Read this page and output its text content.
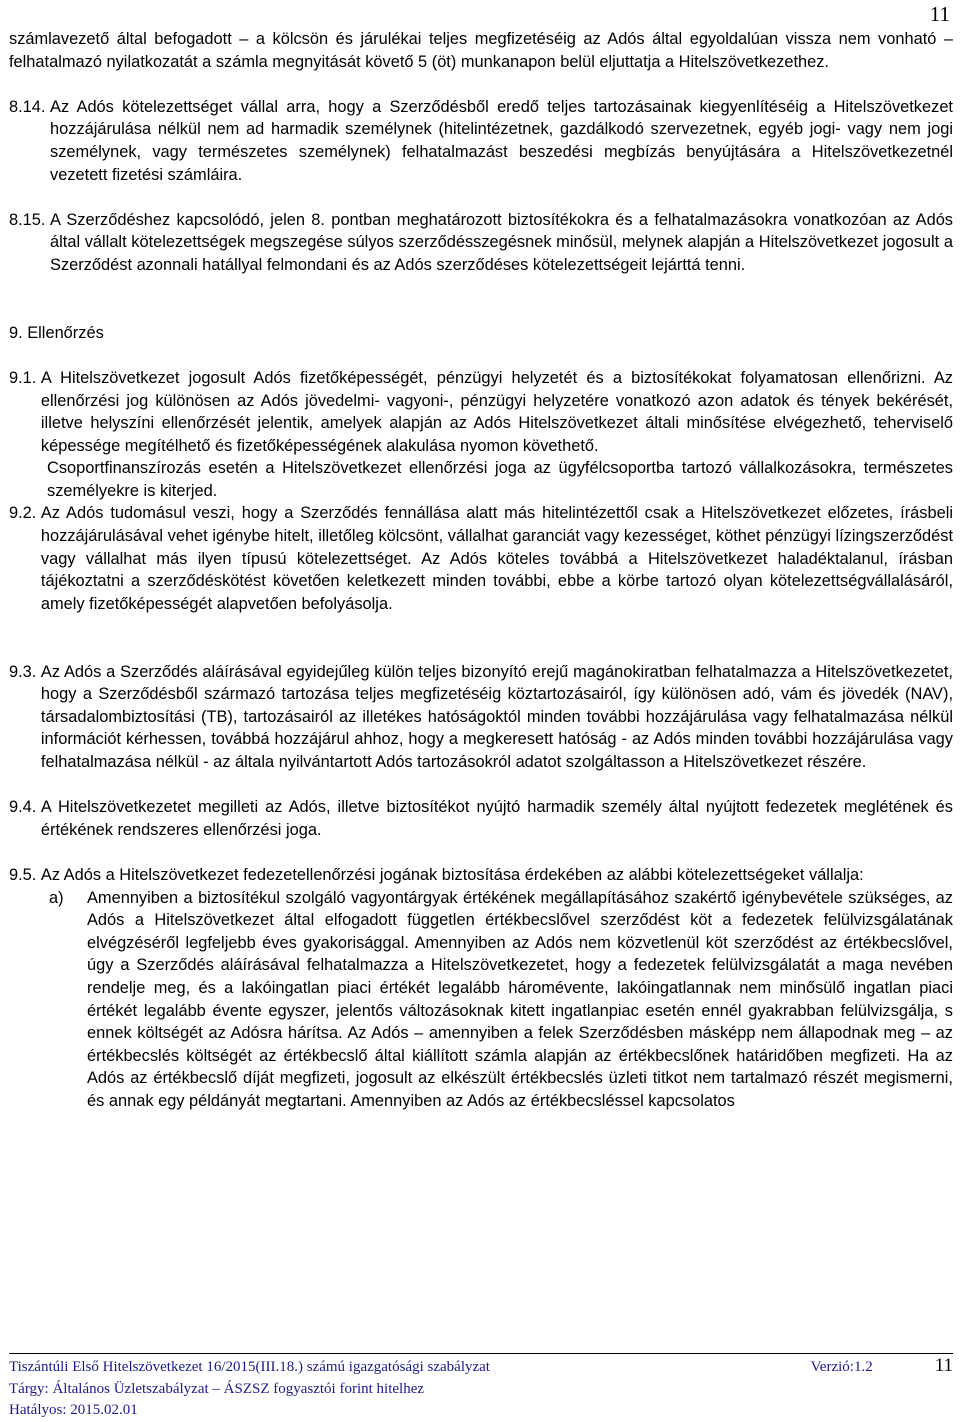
11

számlavezető által befogadott – a kölcsön és járulékai teljes megfizetéséig az Adós által egyoldalúan vissza nem vonható – felhatalmazó nyilatkozatát a számla megnyitását követő 5 (öt) munkanapon belül eljuttatja a Hitelszövetkezethez.

8.14. Az Adós kötelezettséget vállal arra, hogy a Szerződésből eredő teljes tartozásainak kiegyenlítéséig a Hitelszövetkezet hozzájárulása nélkül nem ad harmadik személynek (hitelintézetnek, gazdálkodó szervezetnek, egyéb jogi- vagy nem jogi személynek, vagy természetes személynek) felhatalmazást beszedési megbízás benyújtására a Hitelszövetkezetnél vezetett fizetési számláira.
8.15. A Szerződéshez kapcsolódó, jelen 8. pontban meghatározott biztosítékokra és a felhatalmazásokra vonatkozóan az Adós által vállalt kötelezettségek megszegése súlyos szerződésszegésnek minősül, melynek alapján a Hitelszövetkezet jogosult a Szerződést azonnali hatállyal felmondani és az Adós szerződéses kötelezettségeit lejárttá tenni.
9. Ellenőrzés
9.1. A Hitelszövetkezet jogosult Adós fizetőképességét, pénzügyi helyzetét és a biztosítékokat folyamatosan ellenőrizni. Az ellenőrzési jog különösen az Adós jövedelmi- vagyoni-, pénzügyi helyzetére vonatkozó azon adatok és tények bekérését, illetve helyszíni ellenőrzését jelentik, amelyek alapján az Adós Hitelszövetkezet általi minősítése elvégezhető, teherviselő képessége megítélhető és fizetőképességének alakulása nyomon követhető.

Csoportfinanszírozás esetén a Hitelszövetkezet ellenőrzési joga az ügyfélcsoportba tartozó vállalkozásokra, természetes személyekre is kiterjed.

9.2. Az Adós tudomásul veszi, hogy a Szerződés fennállása alatt más hitelintézettől csak a Hitelszövetkezet előzetes, írásbeli hozzájárulásával vehet igénybe hitelt, illetőleg kölcsönt, vállalhat garanciát vagy kezességet, köthet pénzügyi lízingszerződést vagy vállalhat más ilyen típusú kötelezettséget. Az Adós köteles továbbá a Hitelszövetkezet haladéktalanul, írásban tájékoztatni a szerződéskötést követően keletkezett minden további, ebbe a körbe tartozó olyan kötelezettségvállalásáról, amely fizetőképességét alapvetően befolyásolja.
9.3. Az Adós a Szerződés aláírásával egyidejűleg külön teljes bizonyító erejű magánokiratban felhatalmazza a Hitelszövetkezetet, hogy a Szerződésből származó tartozása teljes megfizetéséig köztartozásairól, így különösen adó, vám és jövedék (NAV), társadalombiztosítási (TB), tartozásairól az illetékes hatóságoktól minden további hozzájárulása vagy felhatalmazása nélkül információt kérhessen, továbbá hozzájárul ahhoz, hogy a megkeresett hatóság - az Adós minden további hozzájárulása vagy felhatalmazása nélkül - az általa nyilvántartott Adós tartozásokról adatot szolgáltasson a Hitelszövetkezet részére.
9.4. A Hitelszövetkezetet megilleti az Adós, illetve biztosítékot nyújtó harmadik személy által nyújtott fedezetek meglétének és értékének rendszeres ellenőrzési joga.
9.5. Az Adós a Hitelszövetkezet fedezetellenőrzési jogának biztosítása érdekében az alábbi kötelezettségeket vállalja:
a)	Amennyiben a biztosítékul szolgáló vagyontárgyak értékének megállapításához szakértő igénybevétele szükséges, az Adós a Hitelszövetkezet által elfogadott független értékbecslővel szerződést köt a fedezetek felülvizsgálatának elvégzéséről legfeljebb éves gyakorisággal. Amennyiben az Adós nem közvetlenül köt szerződést az értékbecslővel, úgy a Szerződés aláírásával felhatalmazza a Hitelszövetkezetet, hogy a fedezetek felülvizsgálatát a maga nevében rendelje meg, és a lakóingatlan piaci értékét legalább háromévente, lakóingatlannak nem minősülő ingatlan piaci értékét legalább évente egyszer, jelentős változásoknak kitett ingatlanpiac esetén ennél gyakrabban felülvizsgálja, s ennek költségét az Adósra hárítsa. Az Adós – amennyiben a felek Szerződésben másképp nem állapodnak meg – az értékbecslés költségét az értékbecslő által kiállított számla alapján az értékbecslőnek határidőben megfizeti. Ha az Adós az értékbecslő díját megfizeti, jogosult az elkészült értékbecslés üzleti titkot nem tartalmazó részét megismerni, és annak egy példányát megtartani. Amennyiben az Adós az értékbecsléssel kapcsolatos
Tiszántúli Első Hitelszövetkezet 16/2015(III.18.) számú igazgatósági szabályzat	Verzió:1.2	11
Tárgy: Általános Üzletszabályzat – ÁSZSZ fogyasztói forint hitelhez
Hatályos: 2015.02.01
